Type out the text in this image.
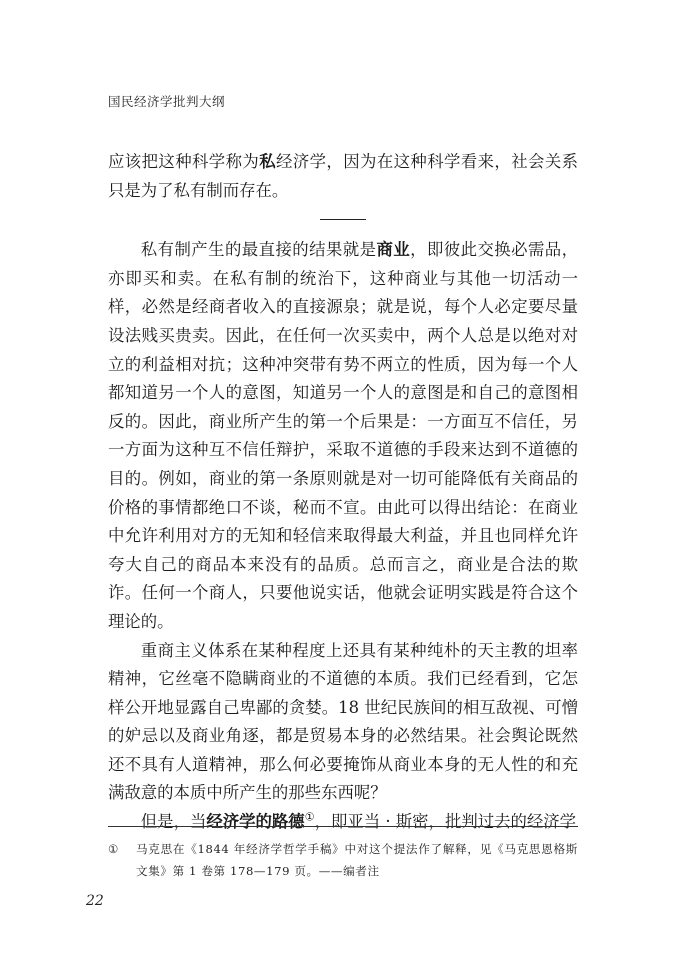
国民经济学批判大纲

应该把这种科学称为私经济学，因为在这种科学看来，社会关系只是为了私有制而存在。

私有制产生的最直接的结果就是商业，即彼此交换必需品，亦即买和卖。在私有制的统治下，这种商业与其他一切活动一样，必然是经商者收入的直接源泉；就是说，每个人必定要尽量设法贱买贵卖。因此，在任何一次买卖中，两个人总是以绝对对立的利益相对抗；这种冲突带有势不两立的性质，因为每一个人都知道另一个人的意图，知道另一个人的意图是和自己的意图相反的。因此，商业所产生的第一个后果是：一方面互不信任，另一方面为这种互不信任辩护，采取不道德的手段来达到不道德的目的。例如，商业的第一条原则就是对一切可能降低有关商品的价格的事情都绝口不谈，秘而不宣。由此可以得出结论：在商业中允许利用对方的无知和轻信来取得最大利益，并且也同样允许夸大自己的商品本来没有的品质。总而言之，商业是合法的欺诈。任何一个商人，只要他说实话，他就会证明实践是符合这个理论的。

重商主义体系在某种程度上还具有某种纯朴的天主教的坦率精神，它丝毫不隐瞒商业的不道德的本质。我们已经看到，它怎样公开地显露自己卑鄙的贪婪。18 世纪民族间的相互敌视、可憎的妒忌以及商业角逐，都是贸易本身的必然结果。社会舆论既然还不具有人道精神，那么何必要掩饰从商业本身的无人性的和充满敌意的本质中所产生的那些东西呢？

但是，当经济学的路德①，即亚当 · 斯密，批判过去的经济学

① 马克思在《1844 年经济学哲学手稿》中对这个提法作了解释，见《马克思恩格斯文集》第 1 卷第 178—179 页。——编者注
22
